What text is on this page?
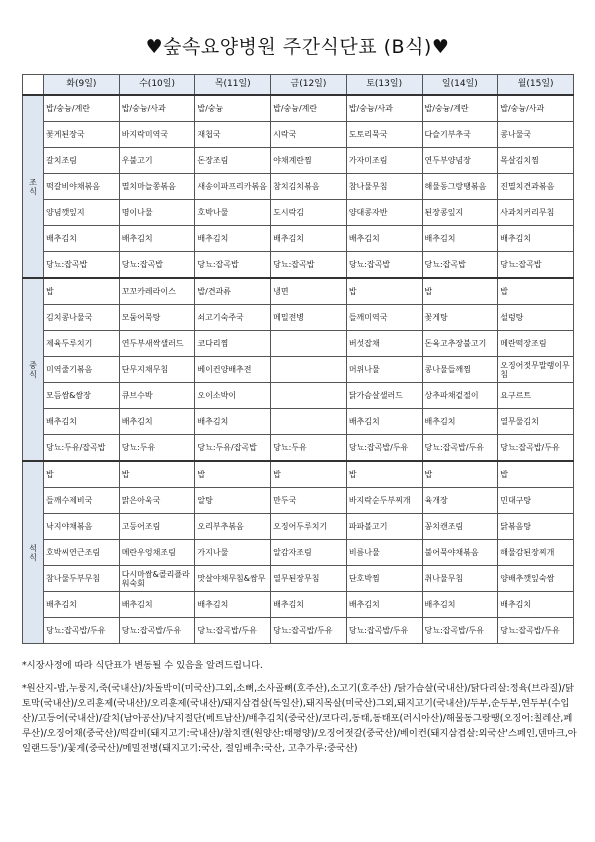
♥숲속요양병원 주간식단표 (B식)♥
	화(9일)	수(10일)	목(11일)	금(12일)	토(13일)	일(14일)	월(15일)
조
식	밥/숭늉/계란	밥/숭늉/사과	밥/숭늉	밥/숭늉/계란	밥/숭늉/사과	밥/숭늉/계란	밥/숭늉/사과
	꽃게된장국	바지락미역국	재첩국	시락국	도토리묵국	다슬기부추국	콩나물국
	갈치조림	우불고기	돈장조림	야채계란찜	가자미조림	연두부양념장	목살김치찜
	떡갈비야채볶음	멸치마늘쫑볶음	새송이파프리카볶음	참치김치볶음	참나물무침	해물동그랑땡볶음	진멸치견과볶음
	양념깻잎지	명이나물	호박나물	도시락김	양대콩자반	된장콩잎지	사과치커리무침
	배추김치	배추김치	배추김치	배추김치	배추김치	배추김치	배추김치
	당뇨:잡곡밥	당뇨:잡곡밥	당뇨:잡곡밥	당뇨:잡곡밥	당뇨:잡곡밥	당뇨:잡곡밥	당뇨:잡곡밥
중
식	밥	꼬꼬카레라이스	밥/견과류	냉면	밥	밥	밥
	김치콩나물국	모둠어묵탕	쇠고기숙주국	메밀전병	들깨미역국	꽃게탕	설렁탕
	제육두루치기	연두부새싹샐러드	코다리찜		버섯잡채	돈육고추장불고기	메란떡장조림
	미역줄기볶음	단무지채무침	베이컨양배추전		머위나물	콩나물들깨찜	오징어젓무말랭이무침
	모듬쌈&쌈장	큐브수박	오이소박이		닭가슴살샐러드	상추파채겉절이	요구르트
	배추김치	배추김치	배추김치		배추김치	배추김치	열무물김치
	당뇨:두유/잡곡밥	당뇨:두유	당뇨:두유/잡곡밥	당뇨:두유	당뇨:잡곡밥/두유	당뇨:잡곡밥/두유	당뇨:잡곡밥/두유
석
식	밥	밥	밥	밥	밥	밥	밥
	들깨수제비국	맑은아욱국	알탕	만두국	바지락순두부찌개	육개장	민대구탕
	낙지야채볶음	고등어조림	오리부추볶음	오징어두루치기	파파볼고기	꽁치캔조림	닭볶음탕
	호박씨연근조림	메란우엉채조림	가지나물	알감자조림	비름나물	불어묵야채볶음	해물감된장찌개
	참나물두부무침	다시마쌈&콜리플라워숙회	맛살야채무침&쌈무	열무된장무침	단호박찜	취나물무침	양배추깻잎숙쌈
	배추김치	배추김치	배추김치	배추김치	배추김치	배추김치	배추김치
	당뇨:잡곡밥/두유	당뇨:잡곡밥/두유	당뇨:잡곡밥/두유	당뇨:잡곡밥/두유	당뇨:잡곡밥/두유	당뇨:잡곡밥/두유	당뇨:잡곡밥/두유
*시장사정에 따라 식단표가 변동될 수 있음을 알려드립니다.
*원산지-밥,누룽지,죽(국내산)/차돌박이(미국산)그외,소뼈,소사골뼈(호주산),소고기(호주산) /닭가슴살(국내산)/닭다리살:정육(브라질)/닭토막(국내산)/오리훈제(국내산)/오리훈제(국내산)/돼지삼겹살(독일산),돼지목살(미국산)그외,돼지고기(국내산)/두부,순두부,연두부(수입산)/고등어(국내산)/갈치(남아공산)/낙지절단(베트남산)/배추김치(중국산)/코다리,동태,동태포(러시아산)/해물동그랑땡(오징어:칠레산,페루산)/오징어채(중국산)/떡갈비(돼지고기:국내산)/참치캔(원양산:태평양)/오징어젓갈(중국산)/베이컨(돼지삼겹살:외국산'스페인,덴마크,아일랜드등')/꽃게(중국산)/메밀전병(돼지고기:국산, 절임배추:국산, 고추가루:중국산)
